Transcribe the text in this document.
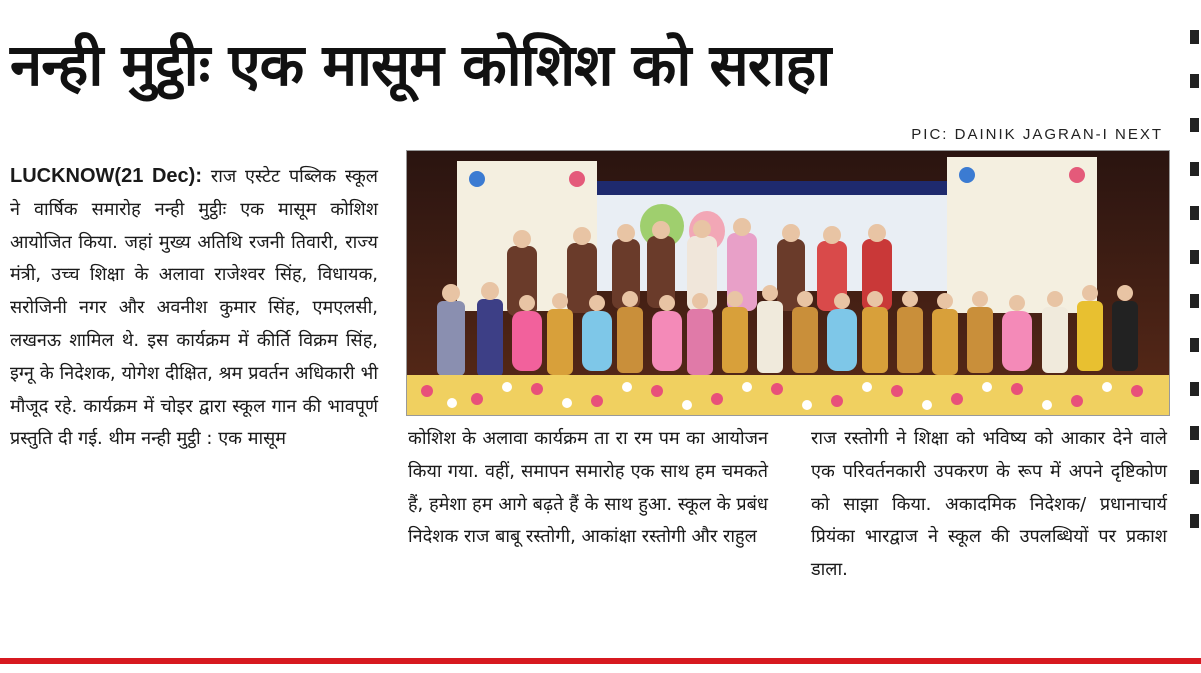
नन्ही मुट्ठीः एक मासूम कोशिश को सराहा
PIC: DAINIK JAGRAN-I NEXT
LUCKNOW(21 Dec): राज एस्टेट पब्लिक स्कूल ने वार्षिक समारोह नन्ही मुट्ठीः एक मासूम कोशिश आयोजित किया. जहां मुख्य अतिथि रजनी तिवारी, राज्य मंत्री, उच्च शिक्षा के अलावा राजेश्वर सिंह, विधायक, सरोजिनी नगर और अवनीश कुमार सिंह, एमएलसी, लखनऊ शामिल थे. इस कार्यक्रम में कीर्ति विक्रम सिंह, इग्नू के निदेशक, योगेश दीक्षित, श्रम प्रवर्तन अधिकारी भी मौजूद रहे. कार्यक्रम में चोइर द्वारा स्कूल गान की भावपूर्ण प्रस्तुति दी गई. थीम नन्ही मुट्ठी : एक मासूम	कोशिश के अलावा कार्यक्रम ता रा रम पम का आयोजन किया गया. वहीं, समापन समारोह एक साथ हम चमकते हैं, हमेशा हम आगे बढ़ते हैं के साथ हुआ. स्कूल के प्रबंध निदेशक राज बाबू रस्तोगी, आकांक्षा रस्तोगी और राहुल
राज रस्तोगी ने शिक्षा को भविष्य को आकार देने वाले एक परिवर्तनकारी उपकरण के रूप में अपने दृष्टिकोण को साझा किया. अकादमिक निदेशक/ प्रधानाचार्य प्रियंका भारद्वाज ने स्कूल की उपलब्धियों पर प्रकाश डाला.
